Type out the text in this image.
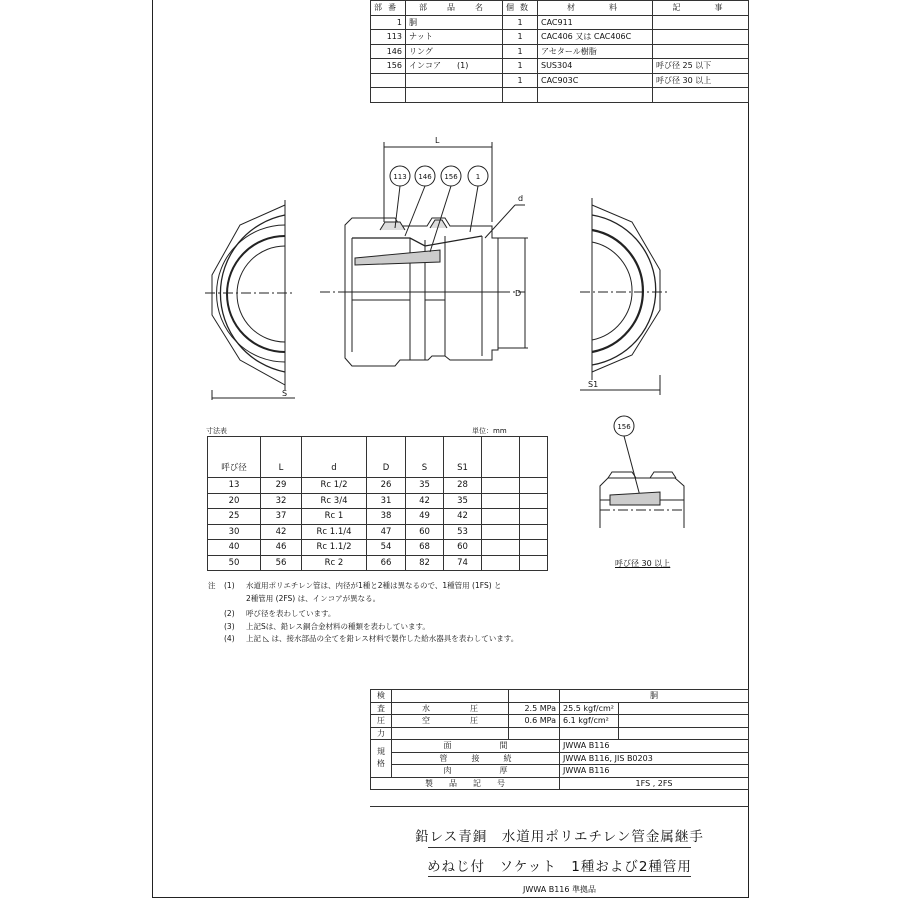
部番	部　品　名	個数	材　　料	記　　事
1	胴	1	CAC911	
113	ナット	1	CAC406 又は CAC406C	
146	リング	1	アセタール樹脂	
156	インコア　　(1)	1	SUS304	呼び径 25 以下
		1	CAC903C	呼び径 30 以上

L
d
D
S
S1
113 146 156	1
156
呼び径 30 以上
寸法表	単位：mm
呼び径	L	d	D	S	S1		
13	29	Rc 1/2	26	35	28		
20	32	Rc 3/4	31	42	35		
25	37	Rc 1	38	49	42		
30	42	Rc 1.1/4	47	60	53		
40	46	Rc 1.1/2	54	68	60		
50	56	Rc 2	66	82	74		
注	(1)	水道用ポリエチレン管は、内径が1種と2種は異なるので、1種管用 (1FS) と
2種管用 (2FS) は、インコアが異なる。
(2)	呼び径を表わしています。
(3)	上記Sは、鉛レス銅合金材料の種類を表わしています。
(4)	上記 ◺ は、接水部品の全てを鉛レス材料で製作した給水器具を表わしています。
検			胴	
査	水　　　　　圧	2.5 MPa	25.5 kgf/cm²	
圧	空　　　　　圧	0.6 MPa	6.1 kgf/cm²	
力				
規
格	面　　　　　　間		JWWA B116	
	管　　　接　　　続		JWWA B116, JIS B0203	
	肉　　　　　　厚		JWWA B116	
製　　品　　記　　号			1FS , 2FS	
鉛レス青銅　水道用ポリエチレン管金属継手
めねじ付　ソケット　1種および2種管用
JWWA B116 準拠品
